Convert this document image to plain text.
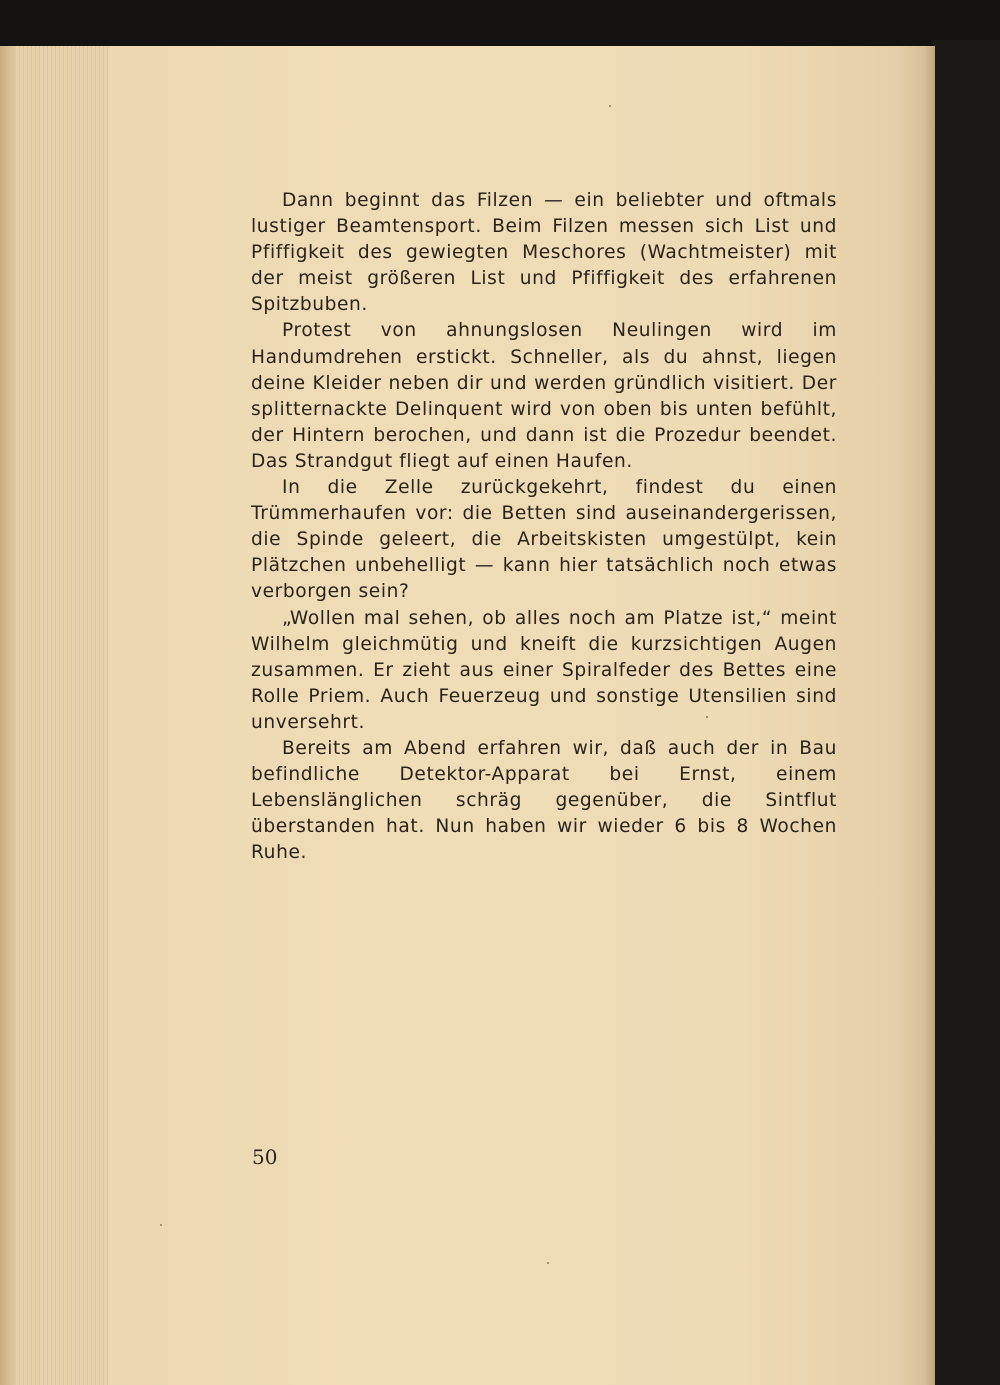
Dann beginnt das Filzen — ein beliebter und oftmals lustiger Beamtensport. Beim Filzen messen sich List und Pfiffigkeit des gewiegten Meschores (Wachtmeister) mit der meist größeren List und Pfiffigkeit des erfahrenen Spitzbuben.

Protest von ahnungslosen Neulingen wird im Handumdrehen erstickt. Schneller, als du ahnst, liegen deine Kleider neben dir und werden gründlich visitiert. Der splitternackte Delinquent wird von oben bis unten befühlt, der Hintern berochen, und dann ist die Prozedur beendet. Das Strandgut fliegt auf einen Haufen.

In die Zelle zurückgekehrt, findest du einen Trümmerhaufen vor: die Betten sind auseinandergerissen, die Spinde geleert, die Arbeitskisten umgestülpt, kein Plätzchen unbehelligt — kann hier tatsächlich noch etwas verborgen sein?

„Wollen mal sehen, ob alles noch am Platze ist,“ meint Wilhelm gleichmütig und kneift die kurzsichtigen Augen zusammen. Er zieht aus einer Spiralfeder des Bettes eine Rolle Priem. Auch Feuerzeug und sonstige Utensilien sind unversehrt.

Bereits am Abend erfahren wir, daß auch der in Bau befindliche Detektor-Apparat bei Ernst, einem Lebenslänglichen schräg gegenüber, die Sintflut überstanden hat. Nun haben wir wieder 6 bis 8 Wochen Ruhe.

50
